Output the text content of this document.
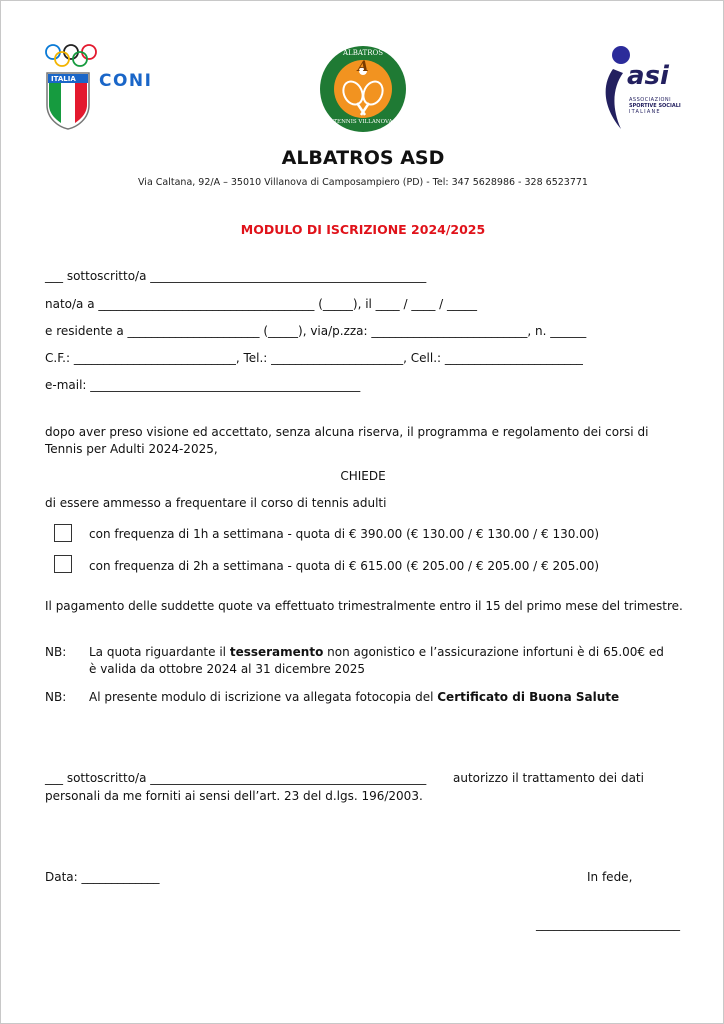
ITALIA CONI
ALBATROS
A
TENNIS VILLANOVA
asi
ASSOCIAZIONI
SPORTIVE SOCIALI
ITALIANE
ALBATROS ASD
Via Caltana, 92/A – 35010 Villanova di Camposampiero (PD) - Tel: 347 5628986 - 328 6523771
MODULO DI ISCRIZIONE 2024/2025
___ sottoscritto/a ______________________________________________
nato/a a ____________________________________ (_____), il ____ / ____ / _____
e residente a ______________________ (_____), via/p.zza: __________________________, n. ______
C.F.: ___________________________, Tel.: ______________________, Cell.: _______________________
e-mail: _____________________________________________
dopo aver preso visione ed accettato, senza alcuna riserva, il programma e regolamento dei corsi di Tennis per Adulti 2024-2025,
CHIEDE
di essere ammesso a frequentare il corso di tennis adulti
con frequenza di 1h a settimana - quota di € 390.00 (€ 130.00 / € 130.00 / € 130.00)
con frequenza di 2h a settimana - quota di € 615.00 (€ 205.00 / € 205.00 / € 205.00)
Il pagamento delle suddette quote va effettuato trimestralmente entro il 15 del primo mese del trimestre.
NB: La quota riguardante il tesseramento non agonistico e l’assicurazione infortuni è di 65.00€ ed è valida da ottobre 2024 al 31 dicembre 2025
NB: Al presente modulo di iscrizione va allegata fotocopia del Certificato di Buona Salute
___ sottoscritto/a ______________________________________________ autorizzo il trattamento dei dati
personali da me forniti ai sensi dell’art. 23 del d.lgs. 196/2003.
Data: _____________	In fede,
________________________
